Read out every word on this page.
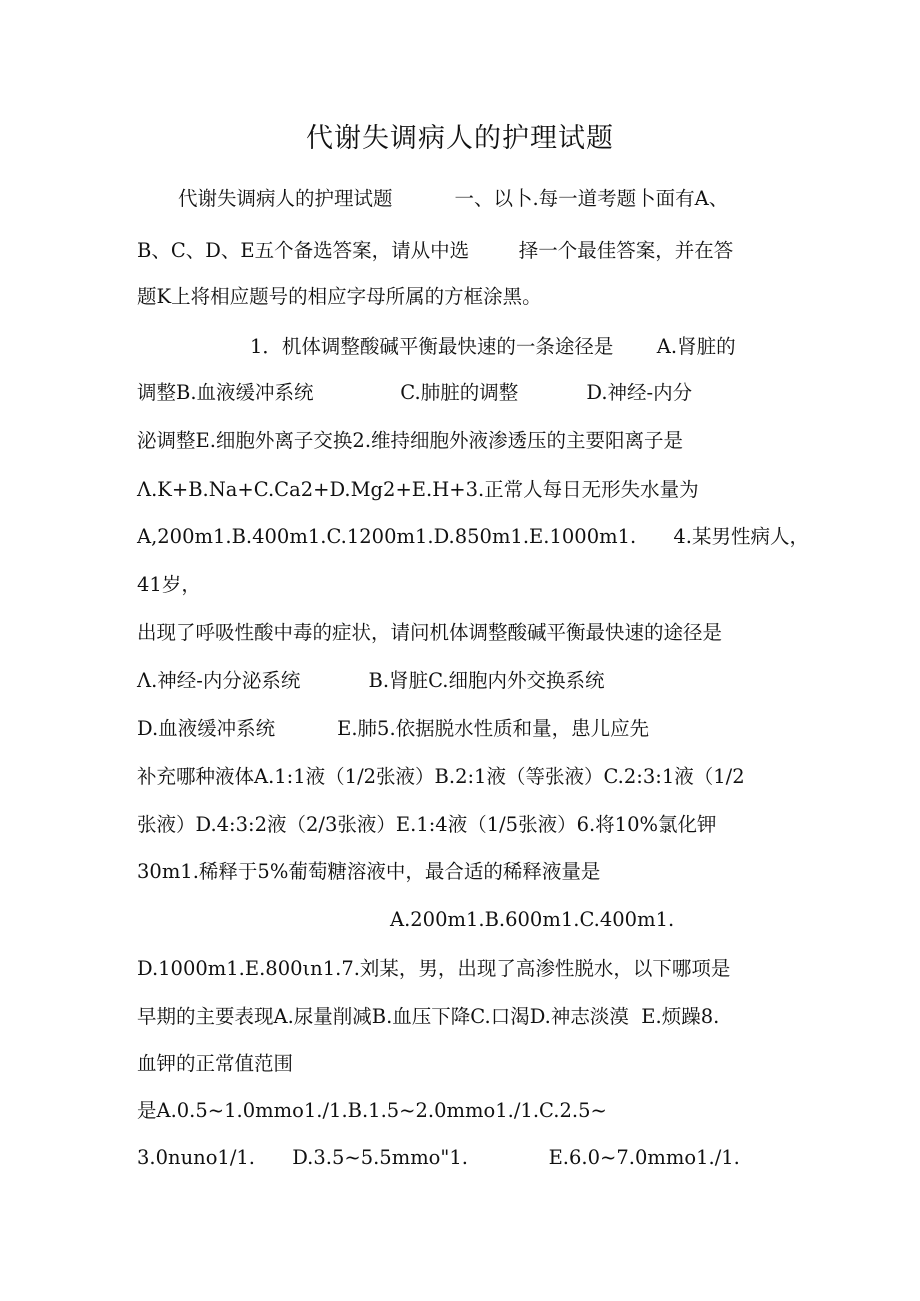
代谢失调病人的护理试题

代谢失调病人的护理试题          一、以卜.每一道考题卜面有A、

B、C、D、E五个备选答案，请从中选        择一个最佳答案，并在答

题K上将相应题号的相应字母所属的方框涂黑。

1．机体调整酸碱平衡最快速的一条途径是       A.肾脏的

调整B.血液缓冲系统              C.肺脏的调整           D.神经-内分

泌调整E.细胞外离子交换2.维持细胞外液渗透压的主要阳离子是

Λ.K+B.Na+C.Ca2+D.Mg2+E.H+3.正常人每日无形失水量为

A,200m1.B.400m1.C.1200m1.D.850m1.E.1000m1.      4.某男性病人，

41岁，

出现了呼吸性酸中毒的症状，请问机体调整酸碱平衡最快速的途径是

Λ.神经-内分泌系统           B.肾脏C.细胞内外交换系统

D.血液缓冲系统          E.肺5.依据脱水性质和量，患儿应先

补充哪种液体A.1:1液（1/2张液）B.2:1液（等张液）C.2:3:1液（1/2

张液）D.4:3:2液（2/3张液）E.1:4液（1/5张液）6.将10%氯化钾

30m1.稀释于5%葡萄糖溶液中，最合适的稀释液量是

A.200m1.B.600m1.C.400m1.

D.1000m1.E.800ιn1.7.刘某，男，出现了高渗性脱水，以下哪项是

早期的主要表现A.尿量削减B.血压下降C.口渴D.神志淡漠  E.烦躁8.

血钾的正常值范围

是A.0.5~1.0mmo1./1.B.1.5~2.0mmo1./1.C.2.5~

3.0nuno1/1.      D.3.5~5.5mmo"1.             E.6.0~7.0mmo1./1.
